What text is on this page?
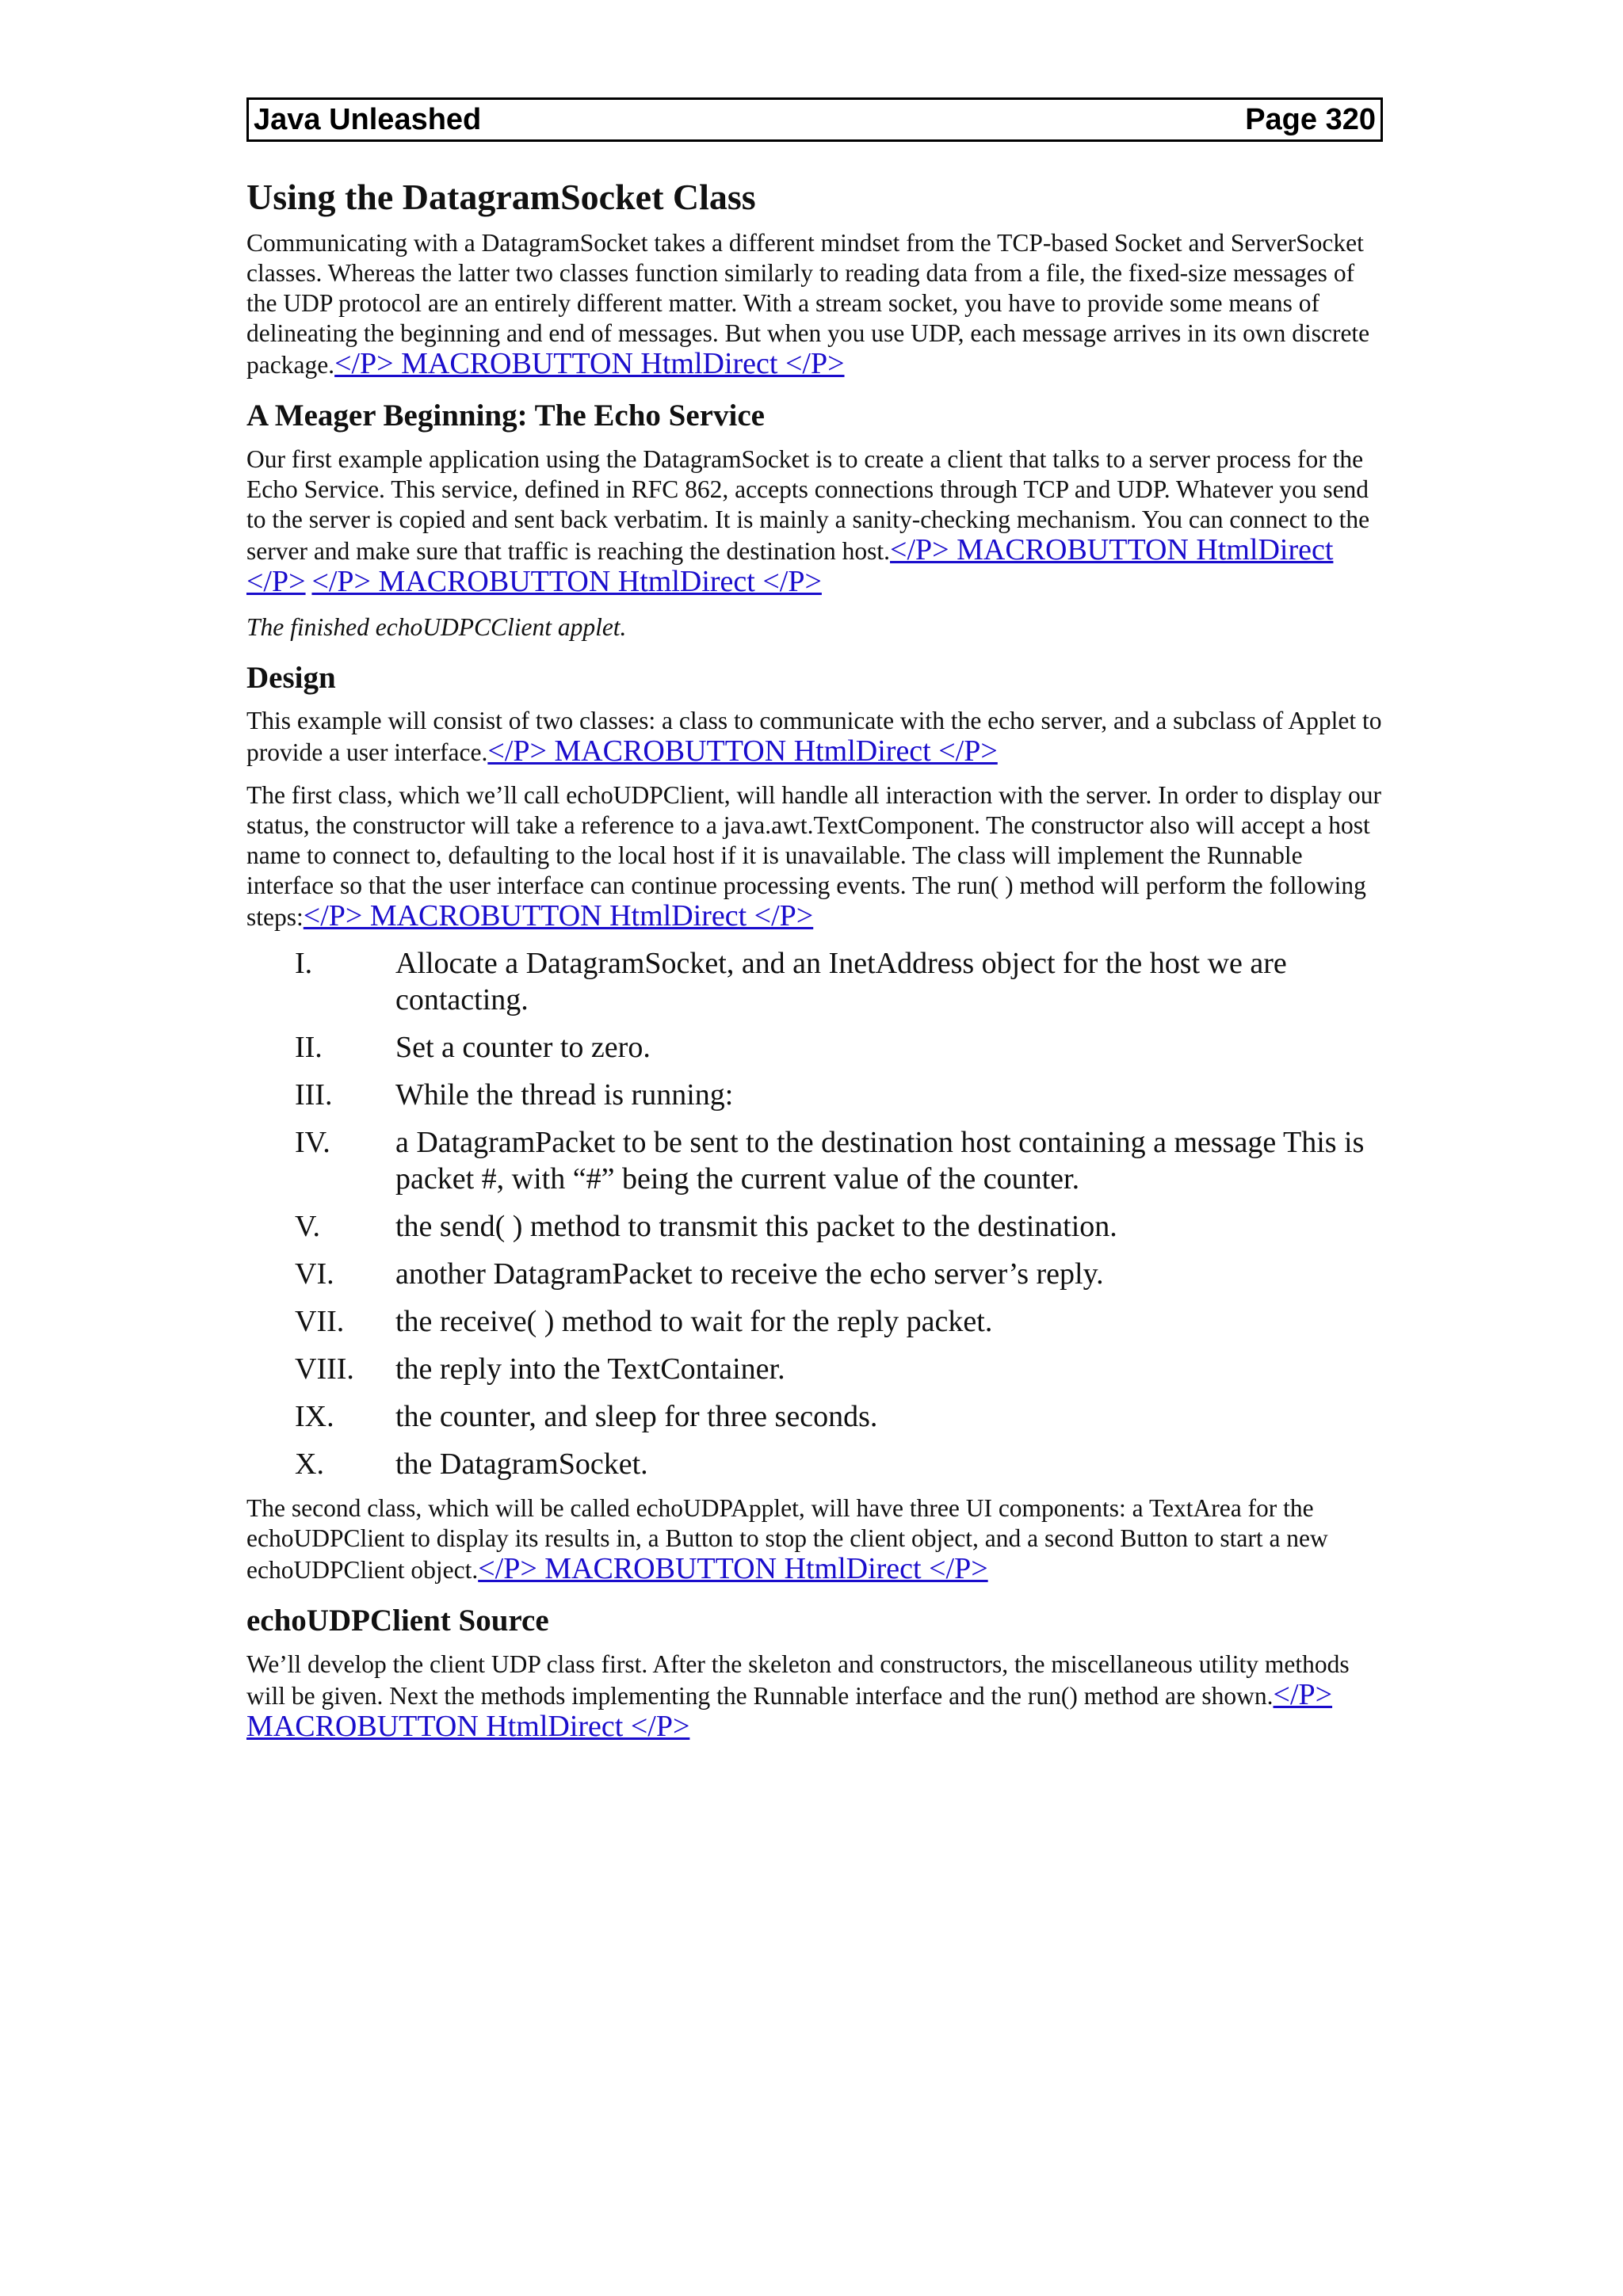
Java Unleashed	Page 320
Using the DatagramSocket Class

Communicating with a DatagramSocket takes a different mindset from the TCP-based Socket and ServerSocket classes. Whereas the latter two classes function similarly to reading data from a file, the fixed-size messages of the UDP protocol are an entirely different matter. With a stream socket, you have to provide some means of delineating the beginning and end of messages. But when you use UDP, each message arrives in its own discrete package.</P> MACROBUTTON HtmlDirect </P>

A Meager Beginning: The Echo Service

Our first example application using the DatagramSocket is to create a client that talks to a server process for the Echo Service. This service, defined in RFC 862, accepts connections through TCP and UDP. Whatever you send to the server is copied and sent back verbatim. It is mainly a sanity-checking mechanism. You can connect to the server and make sure that traffic is reaching the destination host.</P> MACROBUTTON HtmlDirect </P> </P> MACROBUTTON HtmlDirect </P>

The finished echoUDPCClient applet.

Design

This example will consist of two classes: a class to communicate with the echo server, and a subclass of Applet to provide a user interface.</P> MACROBUTTON HtmlDirect </P>

The first class, which we’ll call echoUDPClient, will handle all interaction with the server. In order to display our status, the constructor will take a reference to a java.awt.TextComponent. The constructor also will accept a host name to connect to, defaulting to the local host if it is unavailable. The class will implement the Runnable interface so that the user interface can continue processing events. The run( ) method will perform the following steps:</P> MACROBUTTON HtmlDirect </P>

I.	Allocate a DatagramSocket, and an InetAddress object for the host we are contacting.
II.	Set a counter to zero.
III.	While the thread is running:
IV.	a DatagramPacket to be sent to the destination host containing a message This is packet #, with “#” being the current value of the counter.
V.	the send( ) method to transmit this packet to the destination.
VI.	another DatagramPacket to receive the echo server’s reply.
VII.	the receive( ) method to wait for the reply packet.
VIII.	the reply into the TextContainer.
IX.	the counter, and sleep for three seconds.
X.	the DatagramSocket.

The second class, which will be called echoUDPApplet, will have three UI components: a TextArea for the echoUDPClient to display its results in, a Button to stop the client object, and a second Button to start a new echoUDPClient object.</P> MACROBUTTON HtmlDirect </P>

echoUDPClient Source

We’ll develop the client UDP class first. After the skeleton and constructors, the miscellaneous utility methods will be given. Next the methods implementing the Runnable interface and the run() method are shown.</P> MACROBUTTON HtmlDirect </P>
